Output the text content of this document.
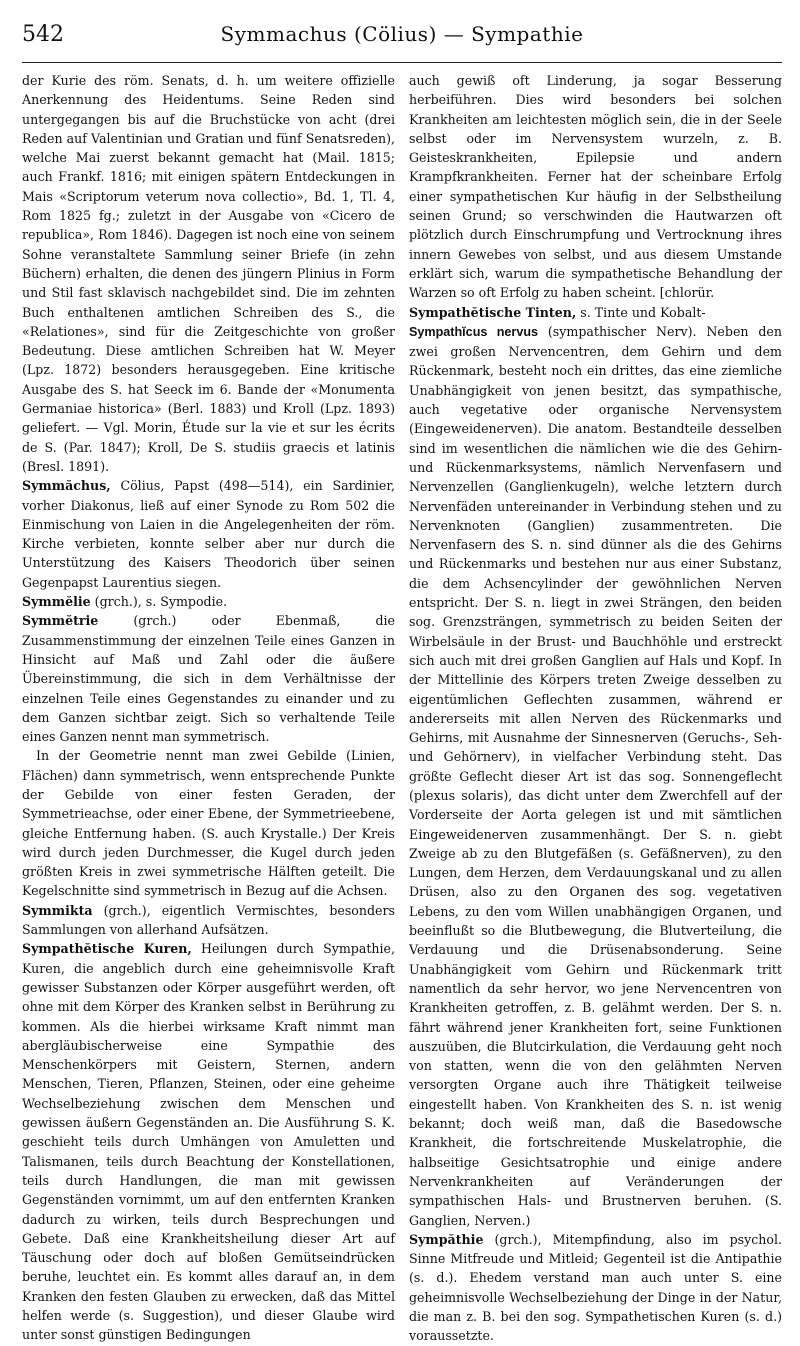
542	Symmachus (Cölius) — Sympathie

der Kurie des röm. Senats, d. h. um weitere offizielle Anerkennung des Heidentums. Seine Reden sind untergegangen bis auf die Bruchstücke von acht (drei Reden auf Valentinian und Gratian und fünf Senatsreden), welche Mai zuerst bekannt gemacht hat (Mail. 1815; auch Frankf. 1816; mit einigen spätern Entdeckungen in Mais «Scriptorum veterum nova collectio», Bd. 1, Tl. 4, Rom 1825 fg.; zuletzt in der Ausgabe von «Cicero de republica», Rom 1846). Dagegen ist noch eine von seinem Sohne veranstaltete Sammlung seiner Briefe (in zehn Büchern) erhalten, die denen des jüngern Plinius in Form und Stil fast sklavisch nachgebildet sind. Die im zehnten Buch enthaltenen amtlichen Schreiben des S., die «Relationes», sind für die Zeitgeschichte von großer Bedeutung. Diese amtlichen Schreiben hat W. Meyer (Lpz. 1872) besonders herausgegeben. Eine kritische Ausgabe des S. hat Seeck im 6. Bande der «Monumenta Germaniae historica» (Berl. 1883) und Kroll (Lpz. 1893) geliefert. — Vgl. Morin, Étude sur la vie et sur les écrits de S. (Par. 1847); Kroll, De S. studiis graecis et latinis (Bresl. 1891).

Symmăchus, Cölius, Papst (498—514), ein Sardinier, vorher Diakonus, ließ auf einer Synode zu Rom 502 die Einmischung von Laien in die Angelegenheiten der röm. Kirche verbieten, konnte selber aber nur durch die Unterstützung des Kaisers Theodorich über seinen Gegenpapst Laurentius siegen.

Symmĕlie (grch.), s. Sympodie.

Symmĕtrie (grch.) oder Ebenmaß, die Zusammenstimmung der einzelnen Teile eines Ganzen in Hinsicht auf Maß und Zahl oder die äußere Übereinstimmung, die sich in dem Verhältnisse der einzelnen Teile eines Gegenstandes zu einander und zu dem Ganzen sichtbar zeigt. Sich so verhaltende Teile eines Ganzen nennt man symmetrisch.

In der Geometrie nennt man zwei Gebilde (Linien, Flächen) dann symmetrisch, wenn entsprechende Punkte der Gebilde von einer festen Geraden, der Symmetrieachse, oder einer Ebene, der Symmetrieebene, gleiche Entfernung haben. (S. auch Krystalle.) Der Kreis wird durch jeden Durchmesser, die Kugel durch jeden größten Kreis in zwei symmetrische Hälften geteilt. Die Kegelschnitte sind symmetrisch in Bezug auf die Achsen.

Symmikta (grch.), eigentlich Vermischtes, besonders Sammlungen von allerhand Aufsätzen.

Sympathĕtische Kuren, Heilungen durch Sympathie, Kuren, die angeblich durch eine geheimnisvolle Kraft gewisser Substanzen oder Körper ausgeführt werden, oft ohne mit dem Körper des Kranken selbst in Berührung zu kommen. Als die hierbei wirksame Kraft nimmt man abergläubischerweise eine Sympathie des Menschenkörpers mit Geistern, Sternen, andern Menschen, Tieren, Pflanzen, Steinen, oder eine geheime Wechselbeziehung zwischen dem Menschen und gewissen äußern Gegenständen an. Die Ausführung S. K. geschieht teils durch Umhängen von Amuletten und Talismanen, teils durch Beachtung der Konstellationen, teils durch Handlungen, die man mit gewissen Gegenständen vornimmt, um auf den entfernten Kranken dadurch zu wirken, teils durch Besprechungen und Gebete. Daß eine Krankheitsheilung dieser Art auf Täuschung oder doch auf bloßen Gemütseindrücken beruhe, leuchtet ein. Es kommt alles darauf an, in dem Kranken den festen Glauben zu erwecken, daß das Mittel helfen werde (s. Suggestion), und dieser Glaube wird unter sonst günstigen Bedingungen

auch gewiß oft Linderung, ja sogar Besserung herbeiführen. Dies wird besonders bei solchen Krankheiten am leichtesten möglich sein, die in der Seele selbst oder im Nervensystem wurzeln, z. B. Geisteskrankheiten, Epilepsie und andern Krampfkrankheiten. Ferner hat der scheinbare Erfolg einer sympathetischen Kur häufig in der Selbstheilung seinen Grund; so verschwinden die Hautwarzen oft plötzlich durch Einschrumpfung und Vertrocknung ihres innern Gewebes von selbst, und aus diesem Umstande erklärt sich, warum die sympathetische Behandlung der Warzen so oft Erfolg zu haben scheint. [chlorür.

Sympathĕtische Tinten, s. Tinte und Kobalt-

Sympathĭcus nervus (sympathischer Nerv). Neben den zwei großen Nervencentren, dem Gehirn und dem Rückenmark, besteht noch ein drittes, das eine ziemliche Unabhängigkeit von jenen besitzt, das sympathische, auch vegetative oder organische Nervensystem (Eingeweidenerven). Die anatom. Bestandteile desselben sind im wesentlichen die nämlichen wie die des Gehirn- und Rückenmarksystems, nämlich Nervenfasern und Nervenzellen (Ganglienkugeln), welche letztern durch Nervenfäden untereinander in Verbindung stehen und zu Nervenknoten (Ganglien) zusammentreten. Die Nervenfasern des S. n. sind dünner als die des Gehirns und Rückenmarks und bestehen nur aus einer Substanz, die dem Achsencylinder der gewöhnlichen Nerven entspricht. Der S. n. liegt in zwei Strängen, den beiden sog. Grenzsträngen, symmetrisch zu beiden Seiten der Wirbelsäule in der Brust- und Bauchhöhle und erstreckt sich auch mit drei großen Ganglien auf Hals und Kopf. In der Mittellinie des Körpers treten Zweige desselben zu eigentümlichen Geflechten zusammen, während er andererseits mit allen Nerven des Rückenmarks und Gehirns, mit Ausnahme der Sinnesnerven (Geruchs-, Seh- und Gehörnerv), in vielfacher Verbindung steht. Das größte Geflecht dieser Art ist das sog. Sonnengeflecht (plexus solaris), das dicht unter dem Zwerchfell auf der Vorderseite der Aorta gelegen ist und mit sämtlichen Eingeweidenerven zusammenhängt. Der S. n. giebt Zweige ab zu den Blutgefäßen (s. Gefäßnerven), zu den Lungen, dem Herzen, dem Verdauungskanal und zu allen Drüsen, also zu den Organen des sog. vegetativen Lebens, zu den vom Willen unabhängigen Organen, und beeinflußt so die Blutbewegung, die Blutverteilung, die Verdauung und die Drüsenabsonderung. Seine Unabhängigkeit vom Gehirn und Rückenmark tritt namentlich da sehr hervor, wo jene Nervencentren von Krankheiten getroffen, z. B. gelähmt werden. Der S. n. fährt während jener Krankheiten fort, seine Funktionen auszuüben, die Blutcirkulation, die Verdauung geht noch von statten, wenn die von den gelähmten Nerven versorgten Organe auch ihre Thätigkeit teilweise eingestellt haben. Von Krankheiten des S. n. ist wenig bekannt; doch weiß man, daß die Basedowsche Krankheit, die fortschreitende Muskelatrophie, die halbseitige Gesichtsatrophie und einige andere Nervenkrankheiten auf Veränderungen der sympathischen Hals- und Brustnerven beruhen. (S. Ganglien, Nerven.)

Sympăthie (grch.), Mitempfindung, also im psychol. Sinne Mitfreude und Mitleid; Gegenteil ist die Antipathie (s. d.). Ehedem verstand man auch unter S. eine geheimnisvolle Wechselbeziehung der Dinge in der Natur, die man z. B. bei den sog. Sympathetischen Kuren (s. d.) voraussetzte.
